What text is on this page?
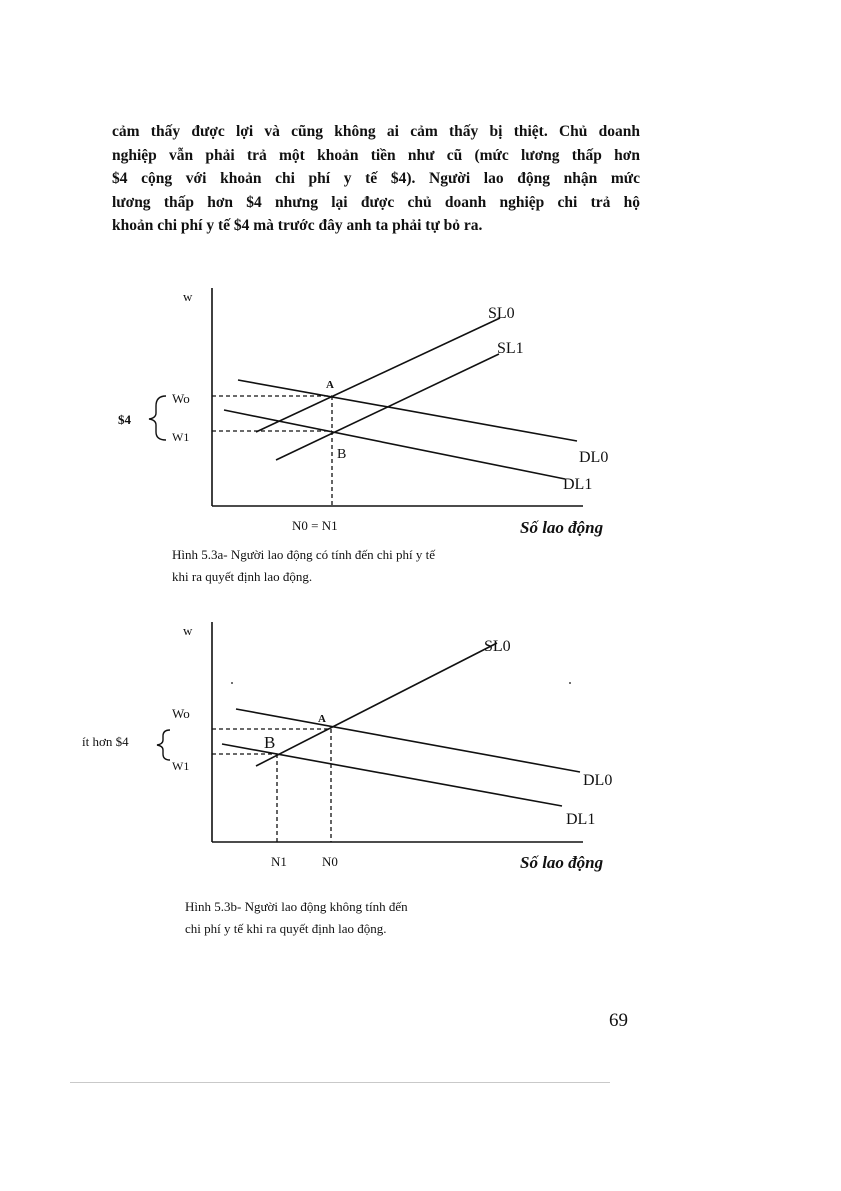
cảm thấy được lợi và cũng không ai cảm thấy bị thiệt. Chủ doanh
nghiệp vẫn phải trả một khoản tiền như cũ (mức lương thấp hơn
$4 cộng với khoản chi phí y tế $4). Người lao động nhận mức
lương thấp hơn $4 nhưng lại được chủ doanh nghiệp chi trả hộ
khoản chi phí y tế $4 mà trước đây anh ta phải tự bỏ ra.
w
Wo
W1
$4
A
B
N0 = N1	Số lao động
SL0
SL1
DL0
DL1

Hình 5.3a- Người lao động có tính đến chi phí y tế
khi ra quyết định lao động.

w
Wo
W1
ít hơn $4
A
B
N1	N0	Số lao động
SL0
DL0
DL1

Hình 5.3b- Người lao động không tính đến
chi phí y tế khi ra quyết định lao động.

69
